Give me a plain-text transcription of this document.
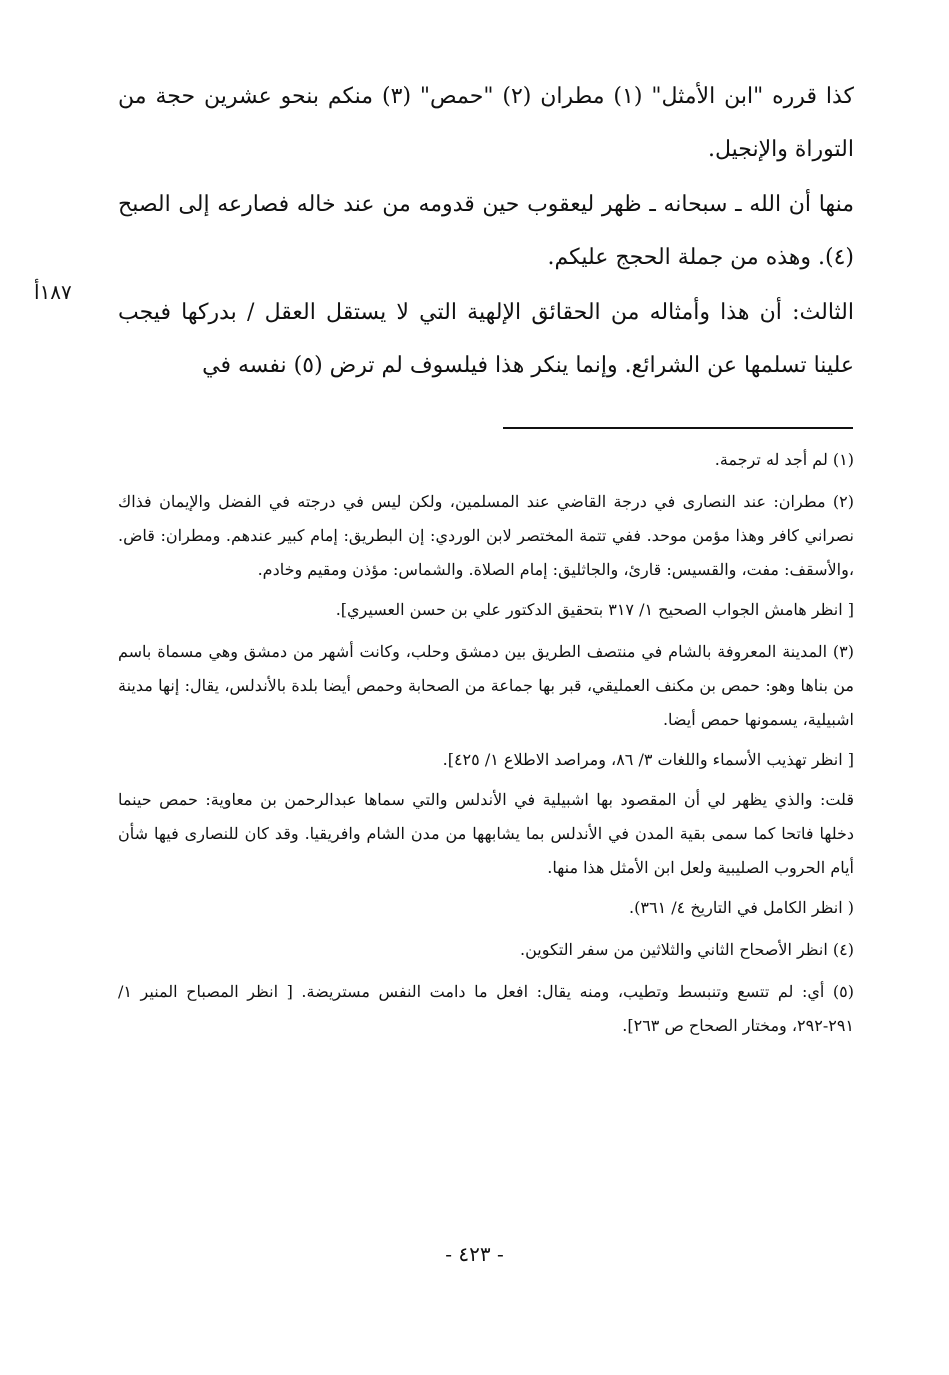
كذا قرره "ابن الأمثل" (١) مطران (٢) "حمص" (٣) منكم بنحو عشرين حجة من التوراة والإنجيل.

منها أن الله ـ سبحانه ـ ظهر ليعقوب حين قدومه من عند خاله فصارعه إلى الصبح (٤). وهذه من جملة الحجج عليكم.

الثالث: أن هذا وأمثاله من الحقائق الإلهية التي لا يستقل العقل / بدركها فيجب علينا تسلمها عن الشرائع. وإنما ينكر هذا فيلسوف لم ترض (٥) نفسه في

١٨٧أ
(١) لم أجد له ترجمة.
(٢) مطران: عند النصارى في درجة القاضي عند المسلمين، ولكن ليس في درجته في الفضل والإيمان فذاك نصراني كافر وهذا مؤمن موحد. ففي تتمة المختصر لابن الوردي: إن البطريق: إمام كبير عندهم. ومطران: قاض. ،والأسقف: مفت، والقسيس: قارئ، والجاثليق: إمام الصلاة. والشماس: مؤذن ومقيم وخادم.
[ انظر هامش الجواب الصحيح ١/ ٣١٧ بتحقيق الدكتور علي بن حسن العسيري].
(٣) المدينة المعروفة بالشام في منتصف الطريق بين دمشق وحلب، وكانت أشهر من دمشق وهي مسماة باسم من بناها وهو: حمص بن مكنف العمليقي، قبر بها جماعة من الصحابة وحمص أيضا بلدة بالأندلس، يقال: إنها مدينة اشبيلية، يسمونها حمص أيضا.
[ انظر تهذيب الأسماء واللغات ٣/ ٨٦، ومراصد الاطلاع ١/ ٤٢٥].
قلت: والذي يظهر لي أن المقصود بها اشبيلية في الأندلس والتي سماها عبدالرحمن بن معاوية: حمص حينما دخلها فاتحا كما سمى بقية المدن في الأندلس بما يشابهها من مدن الشام وافريقيا. وقد كان للنصارى فيها شأن أيام الحروب الصليبية ولعل ابن الأمثل هذا منها.
( انظر الكامل في التاريخ ٤/ ٣٦١).
(٤) انظر الأصحاح الثاني والثلاثين من سفر التكوين.
(٥) أي: لم تتسع وتنبسط وتطيب، ومنه يقال: افعل ما دامت النفس مستريضة. [ انظر المصباح المنير ١/ ٢٩١-٢٩٢، ومختار الصحاح ص ٢٦٣].
- ٤٢٣ -
